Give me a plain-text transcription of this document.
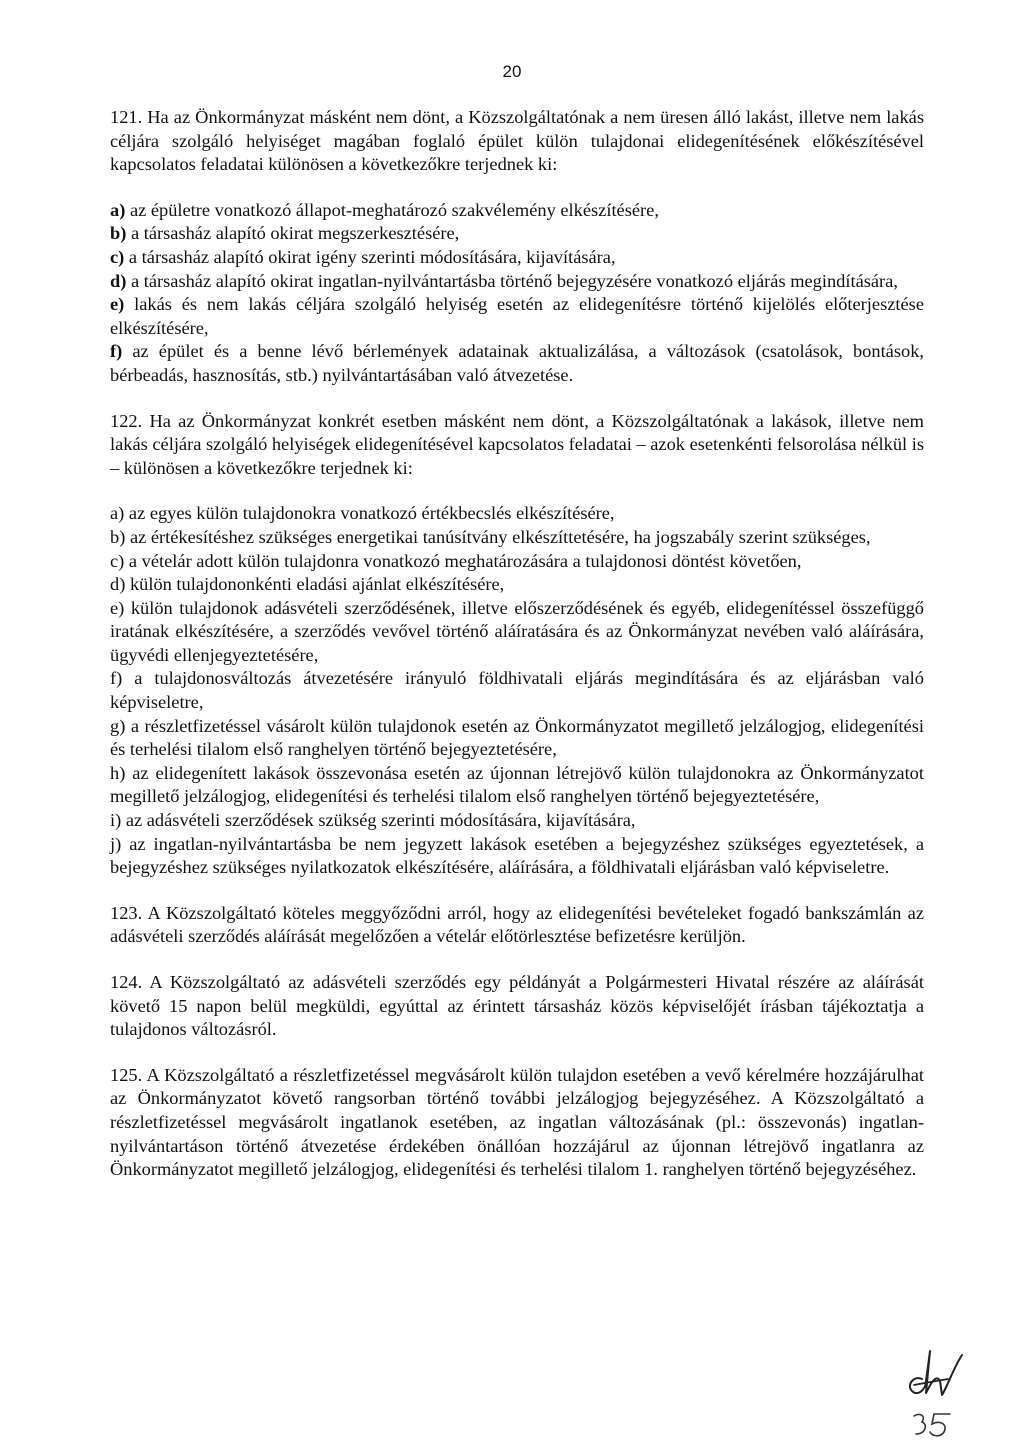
20

121. Ha az Önkormányzat másként nem dönt, a Közszolgáltatónak a nem üresen álló lakást, illetve nem lakás céljára szolgáló helyiséget magában foglaló épület külön tulajdonai elidegenítésének előkészítésével kapcsolatos feladatai különösen a következőkre terjednek ki:

a) az épületre vonatkozó állapot-meghatározó szakvélemény elkészítésére,

b) a társasház alapító okirat megszerkesztésére,

c) a társasház alapító okirat igény szerinti módosítására, kijavítására,

d) a társasház alapító okirat ingatlan-nyilvántartásba történő bejegyzésére vonatkozó eljárás megindítására,

e) lakás és nem lakás céljára szolgáló helyiség esetén az elidegenítésre történő kijelölés előterjesztése elkészítésére,

f) az épület és a benne lévő bérlemények adatainak aktualizálása, a változások (csatolások, bontások, bérbeadás, hasznosítás, stb.) nyilvántartásában való átvezetése.

122. Ha az Önkormányzat konkrét esetben másként nem dönt, a Közszolgáltatónak a lakások, illetve nem lakás céljára szolgáló helyiségek elidegenítésével kapcsolatos feladatai – azok esetenkénti felsorolása nélkül is – különösen a következőkre terjednek ki:

a) az egyes külön tulajdonokra vonatkozó értékbecslés elkészítésére,

b) az értékesítéshez szükséges energetikai tanúsítvány elkészíttetésére, ha jogszabály szerint szükséges,

c) a vételár adott külön tulajdonra vonatkozó meghatározására a tulajdonosi döntést követően,

d) külön tulajdononkénti eladási ajánlat elkészítésére,

e) külön tulajdonok adásvételi szerződésének, illetve előszerződésének és egyéb, elidegenítéssel összefüggő iratának elkészítésére, a szerződés vevővel történő aláíratására és az Önkormányzat nevében való aláírására, ügyvédi ellenjegyeztetésére,

f) a tulajdonosváltozás átvezetésére irányuló földhivatali eljárás megindítására és az eljárásban való képviseletre,

g) a részletfizetéssel vásárolt külön tulajdonok esetén az Önkormányzatot megillető jelzálogjog, elidegenítési és terhelési tilalom első ranghelyen történő bejegyeztetésére,

h) az elidegenített lakások összevonása esetén az újonnan létrejövő külön tulajdonokra az Önkormányzatot megillető jelzálogjog, elidegenítési és terhelési tilalom első ranghelyen történő bejegyeztetésére,

i) az adásvételi szerződések szükség szerinti módosítására, kijavítására,

j) az ingatlan-nyilvántartásba be nem jegyzett lakások esetében a bejegyzéshez szükséges egyeztetések, a bejegyzéshez szükséges nyilatkozatok elkészítésére, aláírására, a földhivatali eljárásban való képviseletre.

123. A Közszolgáltató köteles meggyőződni arról, hogy az elidegenítési bevételeket fogadó bankszámlán az adásvételi szerződés aláírását megelőzően a vételár előtörlesztése befizetésre kerüljön.

124. A Közszolgáltató az adásvételi szerződés egy példányát a Polgármesteri Hivatal részére az aláírását követő 15 napon belül megküldi, egyúttal az érintett társasház közös képviselőjét írásban tájékoztatja a tulajdonos változásról.

125. A Közszolgáltató a részletfizetéssel megvásárolt külön tulajdon esetében a vevő kérelmére hozzájárulhat az Önkormányzatot követő rangsorban történő további jelzálogjog bejegyzéséhez. A Közszolgáltató a részletfizetéssel megvásárolt ingatlanok esetében, az ingatlan változásának (pl.: összevonás) ingatlan-nyilvántartáson történő átvezetése érdekében önállóan hozzájárul az újonnan létrejövő ingatlanra az Önkormányzatot megillető jelzálogjog, elidegenítési és terhelési tilalom 1. ranghelyen történő bejegyzéséhez.
